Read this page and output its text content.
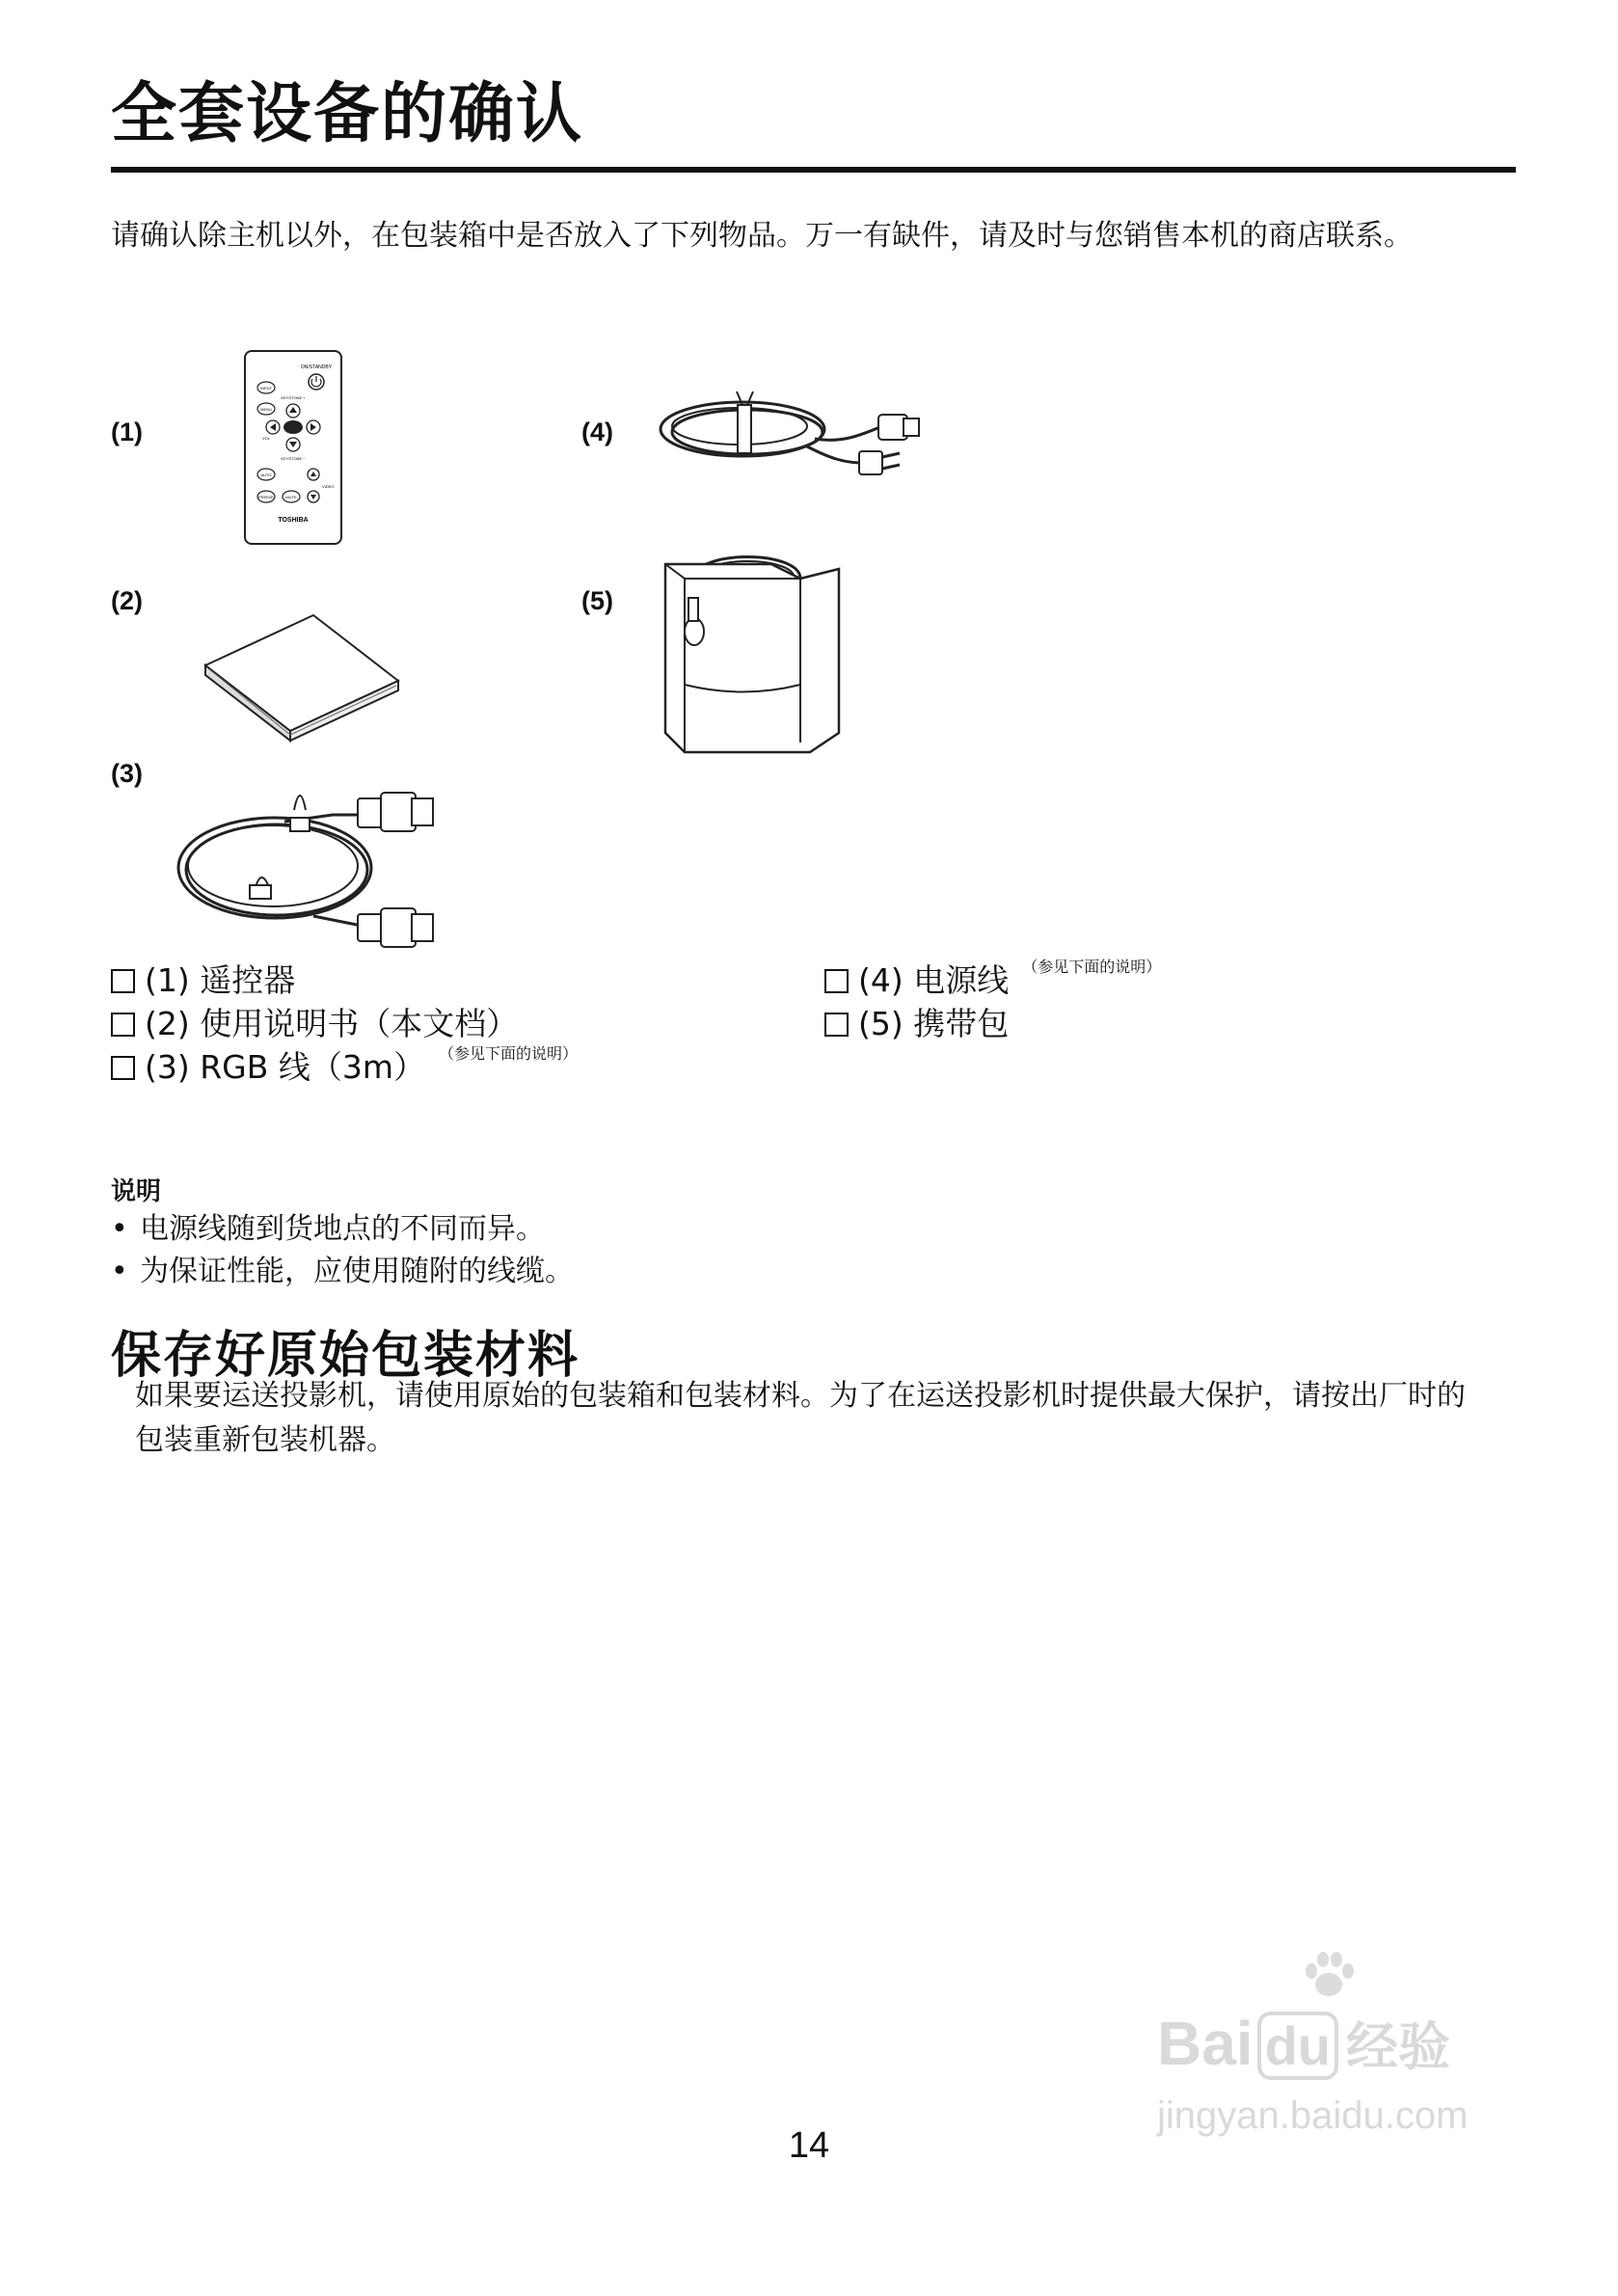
全套设备的确认
请确认除主机以外，在包装箱中是否放入了下列物品。万一有缺件，请及时与您销售本机的商店联系。
(1)
(2)
(3)
(4)
(5)
ON/STANDBY
INPUT
MENU
KEYSTONE +
VOL
KEYSTONE −
AUTO
FREEZE	MUTE
VIDEO
TOSHIBA
(1) 遥控器
(2) 使用说明书（本文档）
(3) RGB 线（3m） （参见下面的说明）
(4) 电源线 （参见下面的说明）
(5) 携带包
说明
• 电源线随到货地点的不同而异。
• 为保证性能，应使用随附的线缆。
保存好原始包装材料
如果要运送投影机，请使用原始的包装箱和包装材料。为了在运送投影机时提供最大保护，请按出厂时的包装重新包装机器。
14
Bai du 经验
jingyan.baidu.com
